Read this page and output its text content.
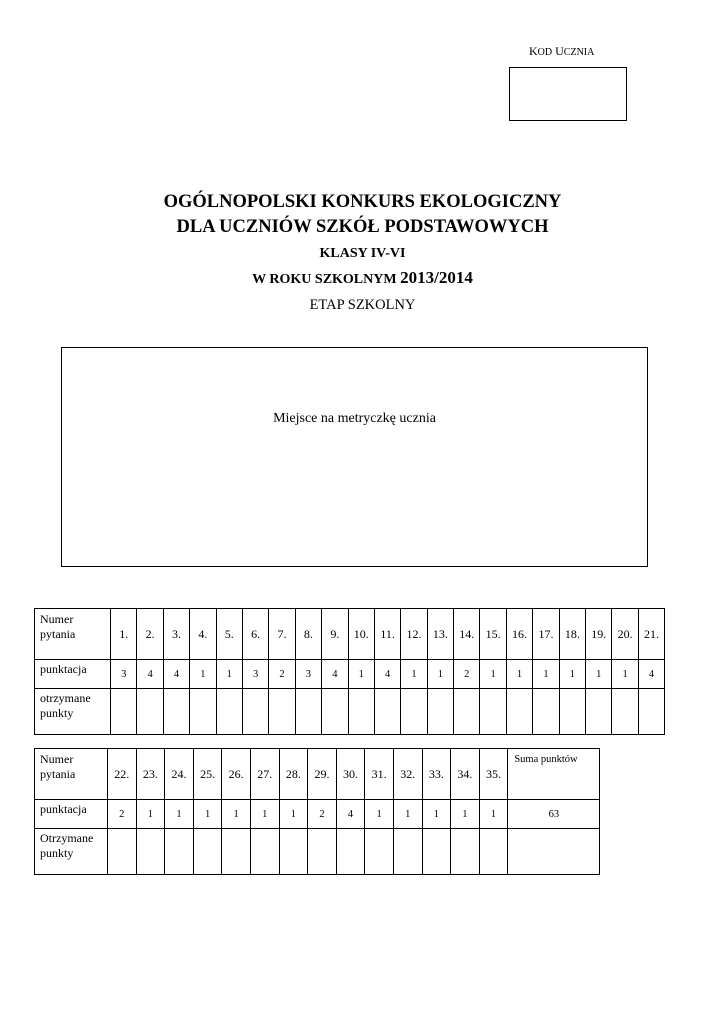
KOD UCZNIA
OGÓLNOPOLSKI KONKURS EKOLOGICZNY
DLA UCZNIÓW SZKÓŁ PODSTAWOWYCH
KLASY IV-VI
W ROKU SZKOLNYM 2013/2014
ETAP SZKOLNY
Miejsce na metryczkę ucznia
Numer pytania	1.	2.	3.	4.	5.	6.	7.	8.	9.	10.	11.	12.	13.	14.	15.	16.	17.	18.	19.	20.	21.
punktacja	3	4	4	1	1	3	2	3	4	1	4	1	1	2	1	1	1	1	1	1	4
otrzymane punkty																					
Numer pytania	22.	23.	24.	25.	26.	27.	28.	29.	30.	31.	32.	33.	34.	35.	Suma punktów
punktacja	2	1	1	1	1	1	1	2	4	1	1	1	1	1	63
Otrzymane punkty															
